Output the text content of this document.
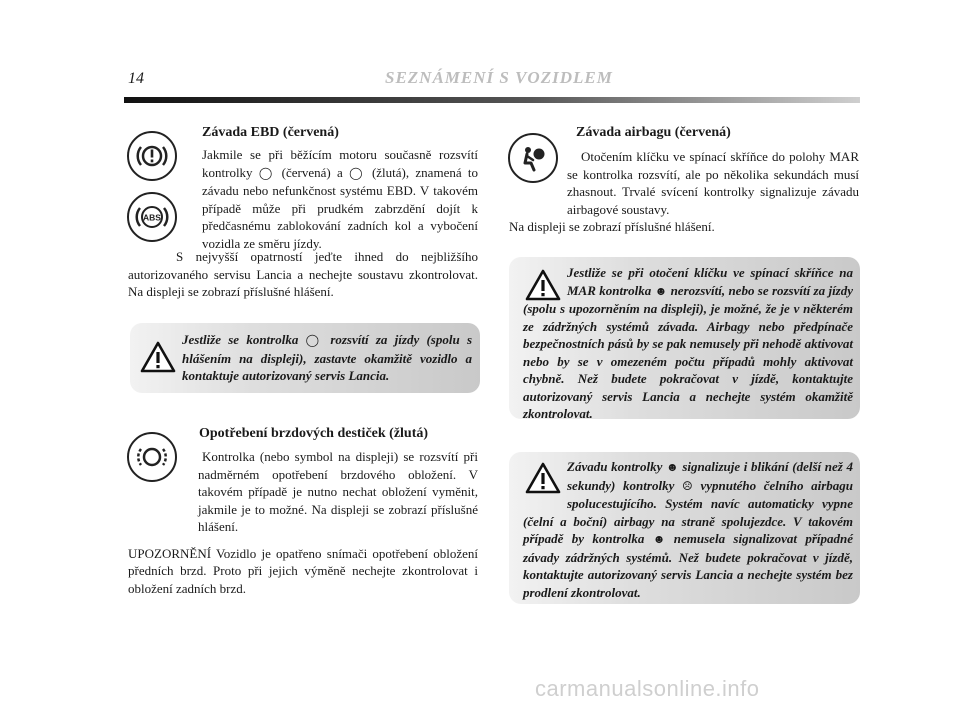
14	SEZNÁMENÍ S VOZIDLEM
ABS
Závada EBD (červená)

Jakmile se při běžícím motoru současně rozsvítí kontrolky ◯ (červená) a ◯ (žlutá), znamená to závadu nebo nefunkčnost systému EBD. V takovém případě může při prudkém zabrzdění dojít k předčasnému zablokování zadních kol a vybočení vozidla ze směru jízdy.

S nejvyšší opatrností jeďte ihned do nejbližšího autorizovaného servisu Lancia a nechejte soustavu zkontrolovat. Na displeji se zobrazí příslušné hlášení.

Jestliže se kontrolka ◯ rozsvítí za jízdy (spolu s hlášením na displeji), zastavte okamžitě vozidlo a kontaktuje autorizovaný servis Lancia.
Opotřebení brzdových destiček (žlutá)

Kontrolka (nebo symbol na displeji) se rozsvítí při nadměrném opotřebení brzdového obložení. V takovém případě je nutno nechat obložení vyměnit, jakmile je to možné. Na displeji se zobrazí příslušné hlášení.

UPOZORNĚNÍ Vozidlo je opatřeno snímači opotřebení obložení předních brzd. Proto při jejich výměně nechejte zkontrolovat i obložení zadních brzd.

Závada airbagu (červená)

Otočením klíčku ve spínací skříňce do polohy MAR se kontrolka rozsvítí, ale po několika sekundách musí zhasnout. Trvalé svícení kontrolky signalizuje závadu airbagové soustavy.

Na displeji se zobrazí příslušné hlášení.

Jestliže se při otočení klíčku ve spínací skříňce na MAR kontrolka ☻ nerozsvítí, nebo se rozsvítí za jízdy (spolu s upozorněním na displeji), je možné, že je v některém ze zádržných systémů závada. Airbagy nebo předpínače bezpečnostních pásů by se pak nemusely při nehodě aktivovat nebo by se v omezeném počtu případů mohly aktivovat chybně. Než budete pokračovat v jízdě, kontaktujte autorizovaný servis Lancia a nechejte systém okamžitě zkontrolovat.
Závadu kontrolky ☻ signalizuje i blikání (delší než 4 sekundy) kontrolky ☹ vypnutého čelního airbagu spolucestujícího. Systém navíc automaticky vypne (čelní a boční) airbagy na straně spolujezdce. V takovém případě by kontrolka ☻ nemusela signalizovat případné závady zádržných systémů. Než budete pokračovat v jízdě, kontaktujte autorizovaný servis Lancia a nechejte systém bez prodlení zkontrolovat.
carmanualsonline.info
